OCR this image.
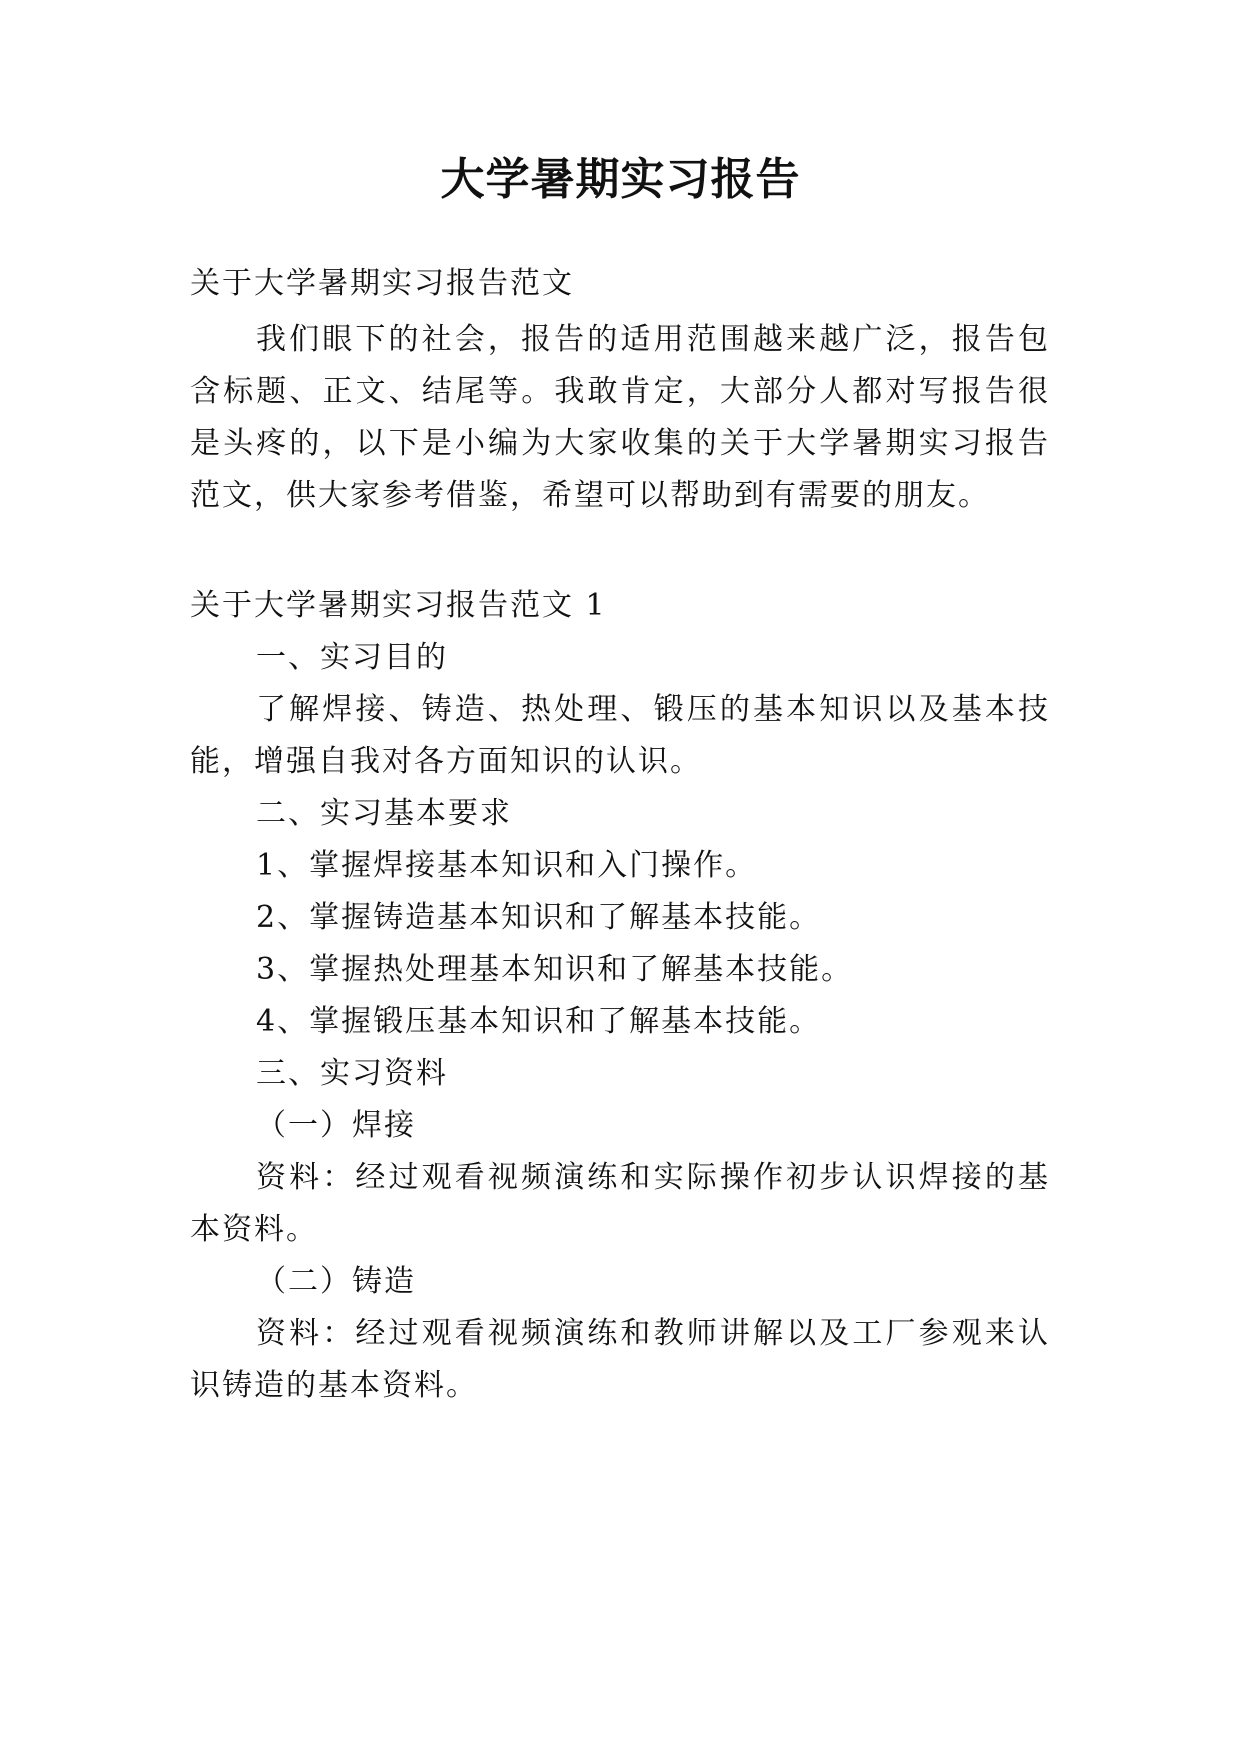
大学暑期实习报告
关于大学暑期实习报告范文
我们眼下的社会，报告的适用范围越来越广泛，报告包
含标题、正文、结尾等。我敢肯定，大部分人都对写报告很
是头疼的，以下是小编为大家收集的关于大学暑期实习报告
范文，供大家参考借鉴，希望可以帮助到有需要的朋友。
关于大学暑期实习报告范文 1
一、实习目的
了解焊接、铸造、热处理、锻压的基本知识以及基本技
能，增强自我对各方面知识的认识。
二、实习基本要求
1、掌握焊接基本知识和入门操作。
2、掌握铸造基本知识和了解基本技能。
3、掌握热处理基本知识和了解基本技能。
4、掌握锻压基本知识和了解基本技能。
三、实习资料
（一）焊接
资料：经过观看视频演练和实际操作初步认识焊接的基
本资料。
（二）铸造
资料：经过观看视频演练和教师讲解以及工厂参观来认
识铸造的基本资料。
